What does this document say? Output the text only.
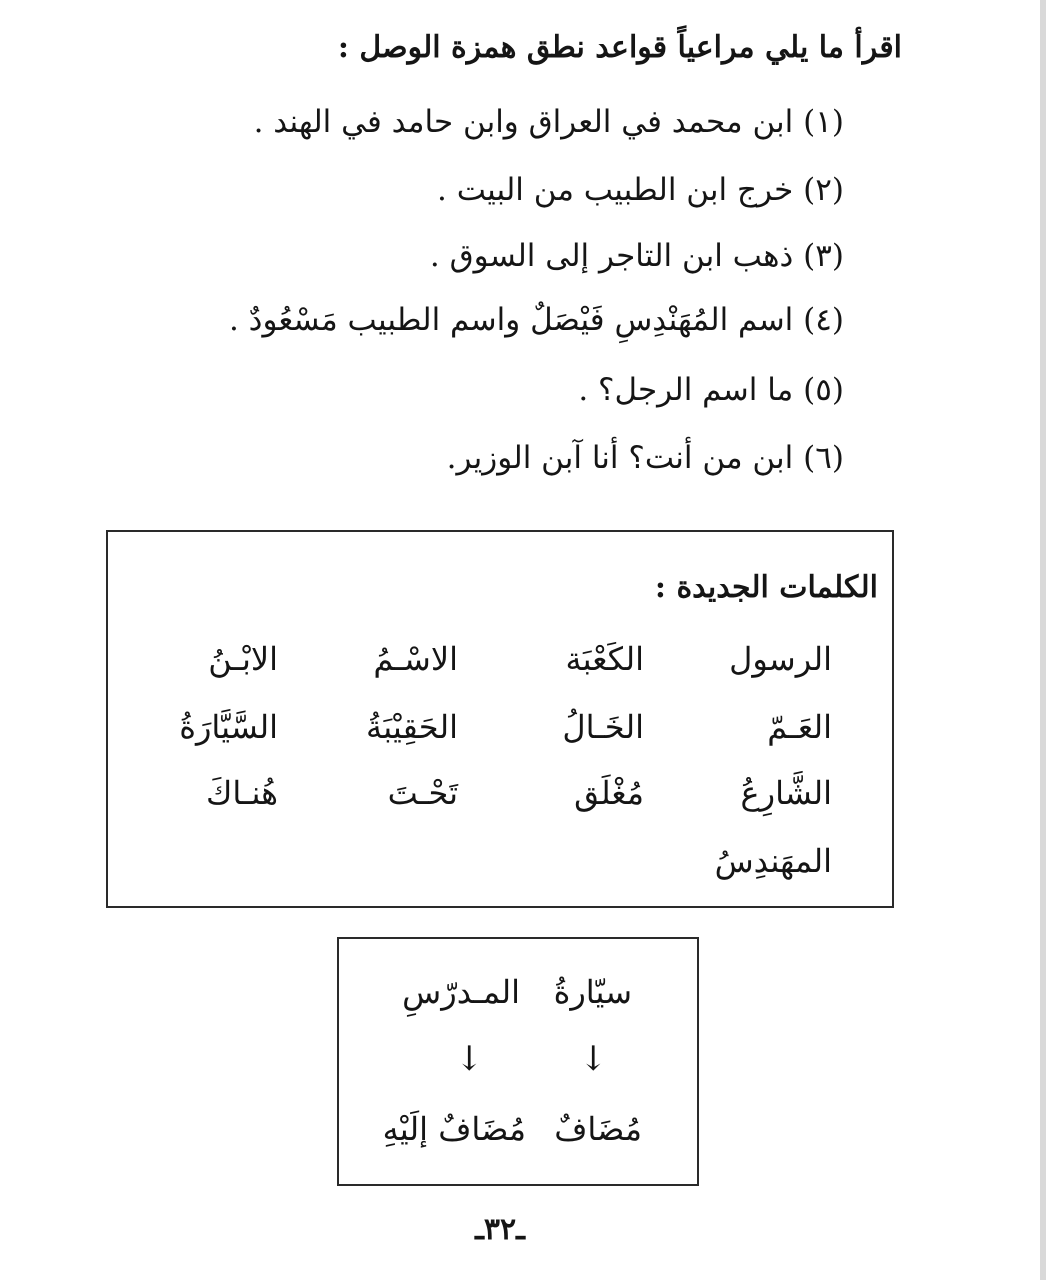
اقرأ ما يلي مراعياً قواعد نطق همزة الوصل :
(١) ابن محمد في العراق وابن حامد في الهند .
(٢) خرج ابن الطبيب من البيت .
(٣) ذهب ابن التاجر إلى السوق .
(٤) اسم المُهَنْدِسِ فَيْصَلٌ واسم الطبيب مَسْعُودٌ .
(٥) ما اسم الرجل؟ .
(٦) ابن من أنت؟ أنا آبن الوزير.
الكلمات الجديدة :
الرسول
الكَعْبَة
الاسْـمُ
الابْـنُ
العَـمّ
الخَـالُ
الحَقِيْبَةُ
السَّيَّارَةُ
الشَّارِعُ
مُغْلَق
تَحْـتَ
هُنـاكَ
المهَندِسُ
سيّارةُ
المـدرّسِ
↓
↓
مُضَافٌ
مُضَافٌ إلَيْهِ
ـ٣٢ـ
